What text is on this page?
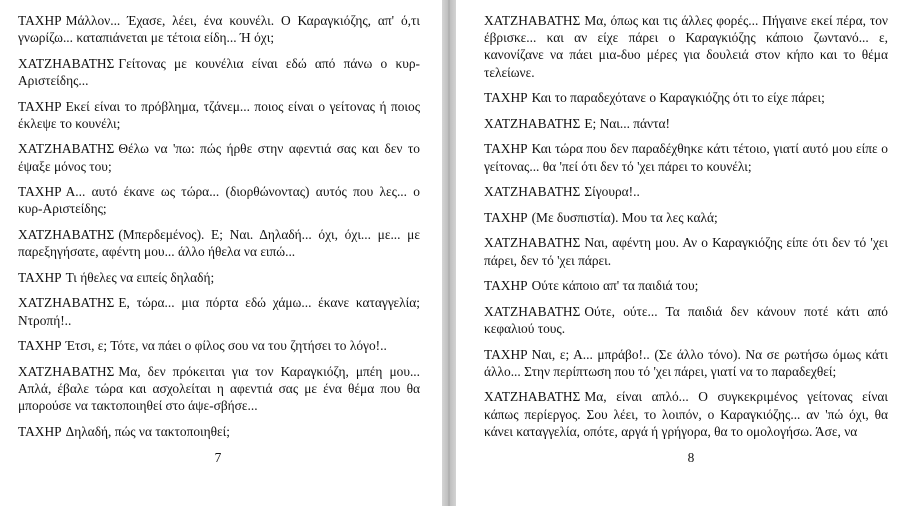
ΤΑΧΗΡ Μάλλον... Έχασε, λέει, ένα κουνέλι. Ο Καραγκιόζης, απ' ό,τι γνωρίζω... καταπιάνεται με τέτοια είδη... Ή όχι;

ΧΑΤΖΗΑΒΑΤΗΣ Γείτονας με κουνέλια είναι εδώ από πάνω ο κυρ-Αριστείδης...

ΤΑΧΗΡ Εκεί είναι το πρόβλημα, τζάνεμ... ποιος είναι ο γείτονας ή ποιος έκλεψε το κουνέλι;

ΧΑΤΖΗΑΒΑΤΗΣ Θέλω να 'πω: πώς ήρθε στην αφεντιά σας και δεν το έψαξε μόνος του;

ΤΑΧΗΡ Α... αυτό έκανε ως τώρα... (διορθώνοντας) αυτός που λες... ο κυρ-Αριστείδης;

ΧΑΤΖΗΑΒΑΤΗΣ (Μπερδεμένος). Ε; Ναι. Δηλαδή... όχι, όχι... με... με παρεξηγήσατε, αφέντη μου... άλλο ήθελα να ειπώ...

ΤΑΧΗΡ Τι ήθελες να ειπείς δηλαδή;

ΧΑΤΖΗΑΒΑΤΗΣ Ε, τώρα... μια πόρτα εδώ χάμω... έκανε καταγγελία; Ντροπή!..

ΤΑΧΗΡ Έτσι, ε; Τότε, να πάει ο φίλος σου να του ζητήσει το λόγο!..

ΧΑΤΖΗΑΒΑΤΗΣ Μα, δεν πρόκειται για τον Καραγκιόζη, μπέη μου... Απλά, έβαλε τώρα και ασχολείται η αφεντιά σας με ένα θέμα που θα μπορούσε να τακτοποιηθεί στο άψε-σβήσε...

ΤΑΧΗΡ Δηλαδή, πώς να τακτοποιηθεί;

7

ΧΑΤΖΗΑΒΑΤΗΣ Μα, όπως και τις άλλες φορές... Πήγαινε εκεί πέρα, τον έβρισκε... και αν είχε πάρει ο Καραγκιόζης κάποιο ζωντανό... ε, κανονίζανε να πάει μια-δυο μέρες για δουλειά στον κήπο και το θέμα τελείωνε.

ΤΑΧΗΡ Και το παραδεχότανε ο Καραγκιόζης ότι το είχε πάρει;

ΧΑΤΖΗΑΒΑΤΗΣ Ε; Ναι... πάντα!

ΤΑΧΗΡ Και τώρα που δεν παραδέχθηκε κάτι τέτοιο, γιατί αυτό μου είπε ο γείτονας... θα 'πεί ότι δεν τό 'χει πάρει το κουνέλι;

ΧΑΤΖΗΑΒΑΤΗΣ Σίγουρα!..

ΤΑΧΗΡ (Με δυσπιστία). Μου τα λες καλά;

ΧΑΤΖΗΑΒΑΤΗΣ Ναι, αφέντη μου. Αν ο Καραγκιόζης είπε ότι δεν τό 'χει πάρει, δεν τό 'χει πάρει.

ΤΑΧΗΡ Ούτε κάποιο απ' τα παιδιά του;

ΧΑΤΖΗΑΒΑΤΗΣ Ούτε, ούτε... Τα παιδιά δεν κάνουν ποτέ κάτι από κεφαλιού τους.

ΤΑΧΗΡ Ναι, ε; Α... μπράβο!.. (Σε άλλο τόνο). Να σε ρωτήσω όμως κάτι άλλο... Στην περίπτωση που τό 'χει πάρει, γιατί να το παραδεχθεί;

ΧΑΤΖΗΑΒΑΤΗΣ Μα, είναι απλό... Ο συγκεκριμένος γείτονας είναι κάπως περίεργος. Σου λέει, το λοιπόν, ο Καραγκιόζης... αν 'πώ όχι, θα κάνει καταγγελία, οπότε, αργά ή γρήγορα, θα το ομολογήσω. Άσε, να

8
